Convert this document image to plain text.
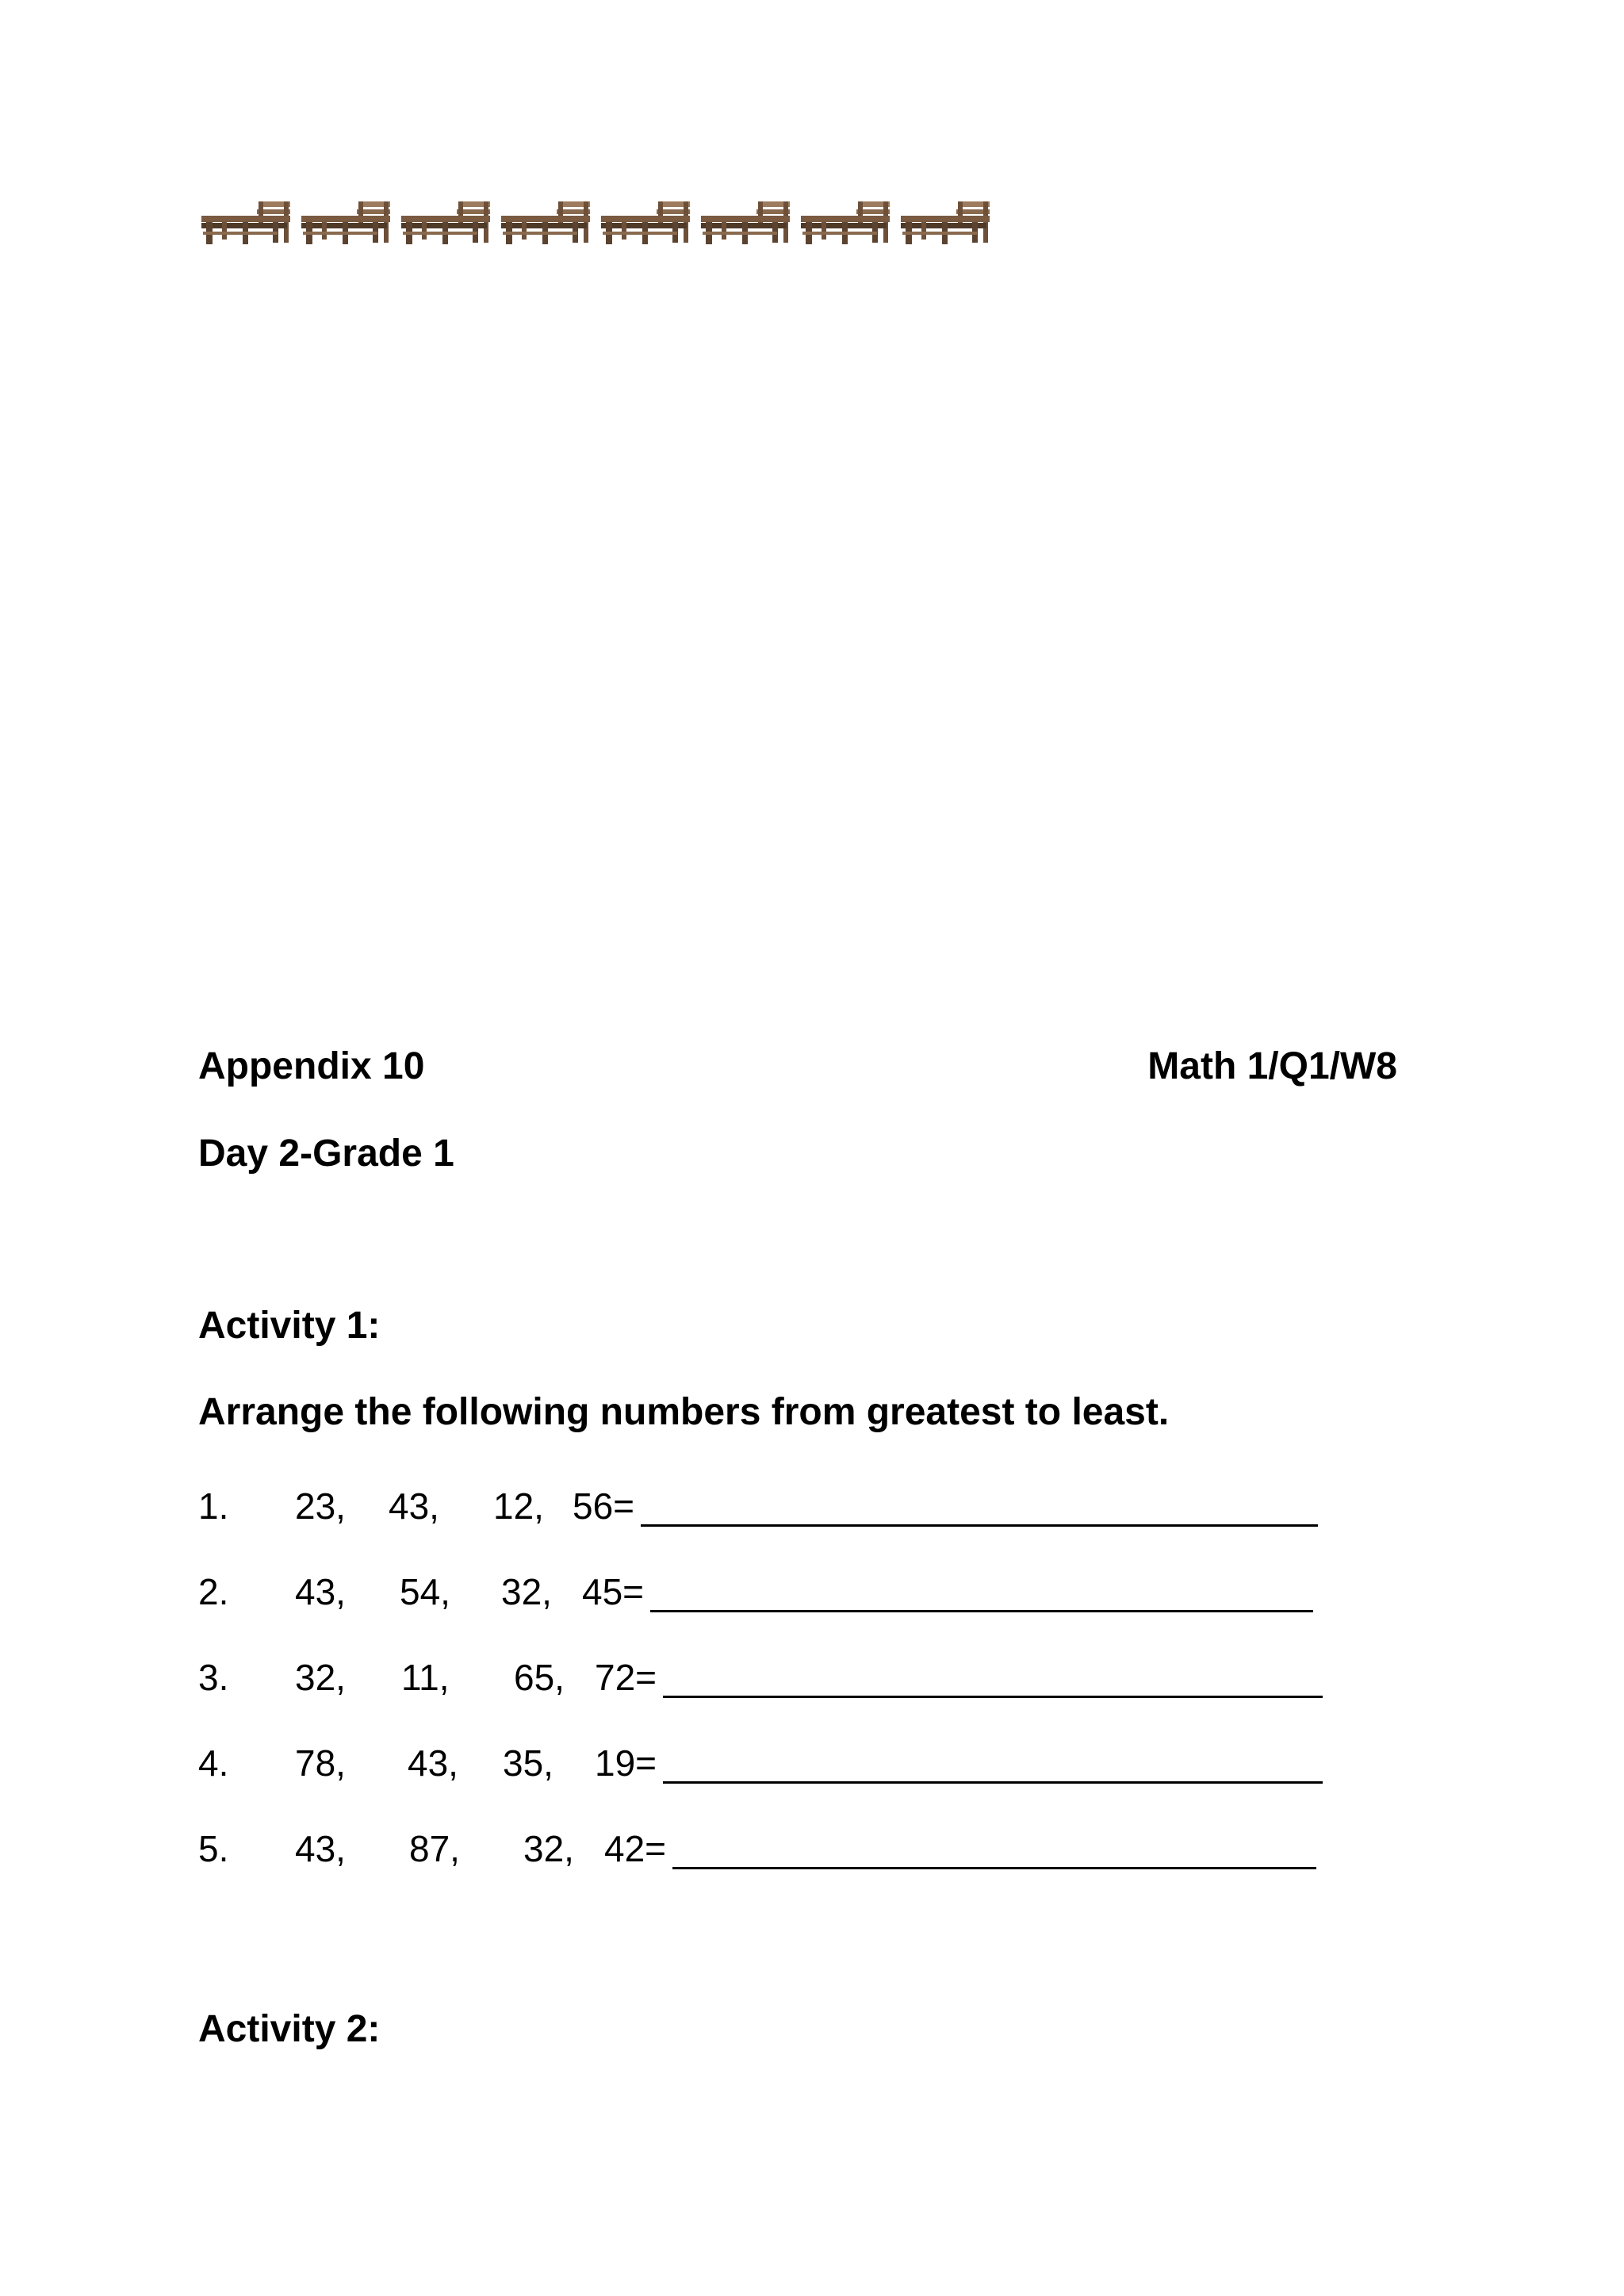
Appendix 10	Math 1/Q1/W8
Day 2-Grade 1
Activity 1:
Arrange the following numbers from greatest to least.
1. 23, 43, 12, 56=
2. 43, 54, 32, 45=
3. 32, 11, 65, 72=
4. 78, 43, 35, 19=
5. 43, 87, 32, 42=
Activity 2:
